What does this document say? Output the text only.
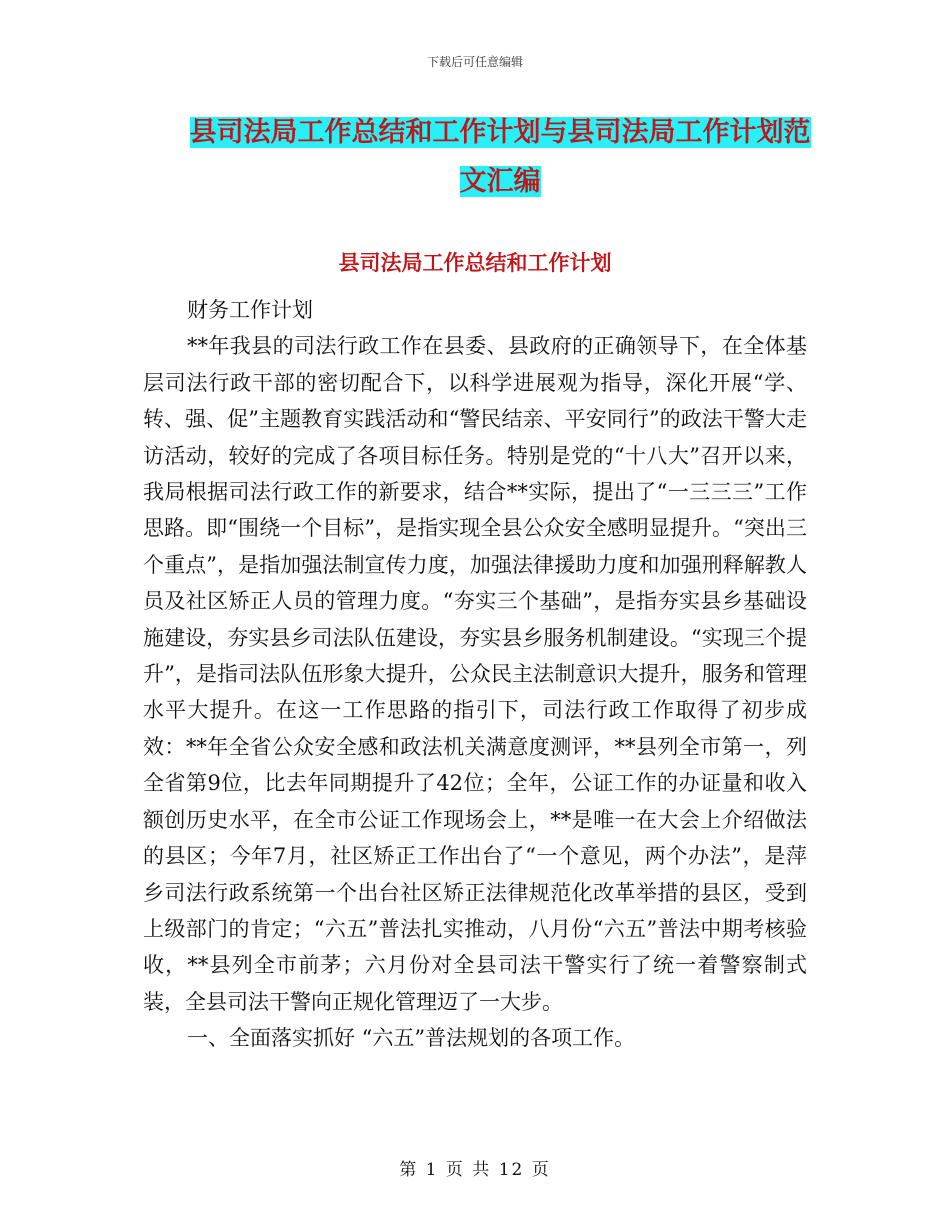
下载后可任意编辑
县司法局工作总结和工作计划与县司法局工作计划范
文汇编
县司法局工作总结和工作计划

财务工作计划

**年我县的司法行政工作在县委、县政府的正确领导下，在全体基层司法行政干部的密切配合下，以科学进展观为指导，深化开展“学、转、强、促”主题教育实践活动和“警民结亲、平安同行”的政法干警大走访活动，较好的完成了各项目标任务。特别是党的“十八大”召开以来，我局根据司法行政工作的新要求，结合**实际，提出了“一三三三”工作思路。即“围绕一个目标”，是指实现全县公众安全感明显提升。“突出三个重点”，是指加强法制宣传力度，加强法律援助力度和加强刑释解教人员及社区矫正人员的管理力度。“夯实三个基础”，是指夯实县乡基础设施建设，夯实县乡司法队伍建设，夯实县乡服务机制建设。“实现三个提升”，是指司法队伍形象大提升，公众民主法制意识大提升，服务和管理水平大提升。在这一工作思路的指引下，司法行政工作取得了初步成效：**年全省公众安全感和政法机关满意度测评，**县列全市第一，列全省第9位，比去年同期提升了42位；全年，公证工作的办证量和收入额创历史水平，在全市公证工作现场会上，**是唯一在大会上介绍做法的县区；今年7月，社区矫正工作出台了“一个意见，两个办法”，是萍乡司法行政系统第一个出台社区矫正法律规范化改革举措的县区，受到上级部门的肯定；“六五”普法扎实推动，八月份“六五”普法中期考核验收，**县列全市前茅；六月份对全县司法干警实行了统一着警察制式装，全县司法干警向正规化管理迈了一大步。

一、全面落实抓好 “六五”普法规划的各项工作。

第 1 页 共 12 页
